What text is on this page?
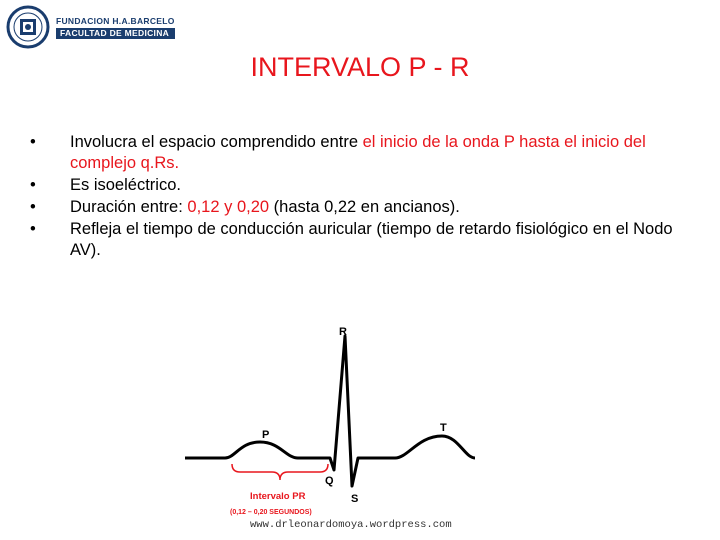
FUNDACION H.A.BARCELO
FACULTAD DE MEDICINA
INTERVALO P - R
• Involucra el espacio comprendido entre el inicio de la onda P hasta el inicio del complejo q.Rs.
• Es isoeléctrico.
• Duración entre: 0,12 y 0,20 (hasta 0,22 en ancianos).
• Refleja el tiempo de conducción auricular (tiempo de retardo fisiológico en el Nodo AV).
R
P
T
Q
S
Intervalo PR
(0,12 – 0,20 SEGUNDOS)
www.drleonardomoya.wordpress.com
